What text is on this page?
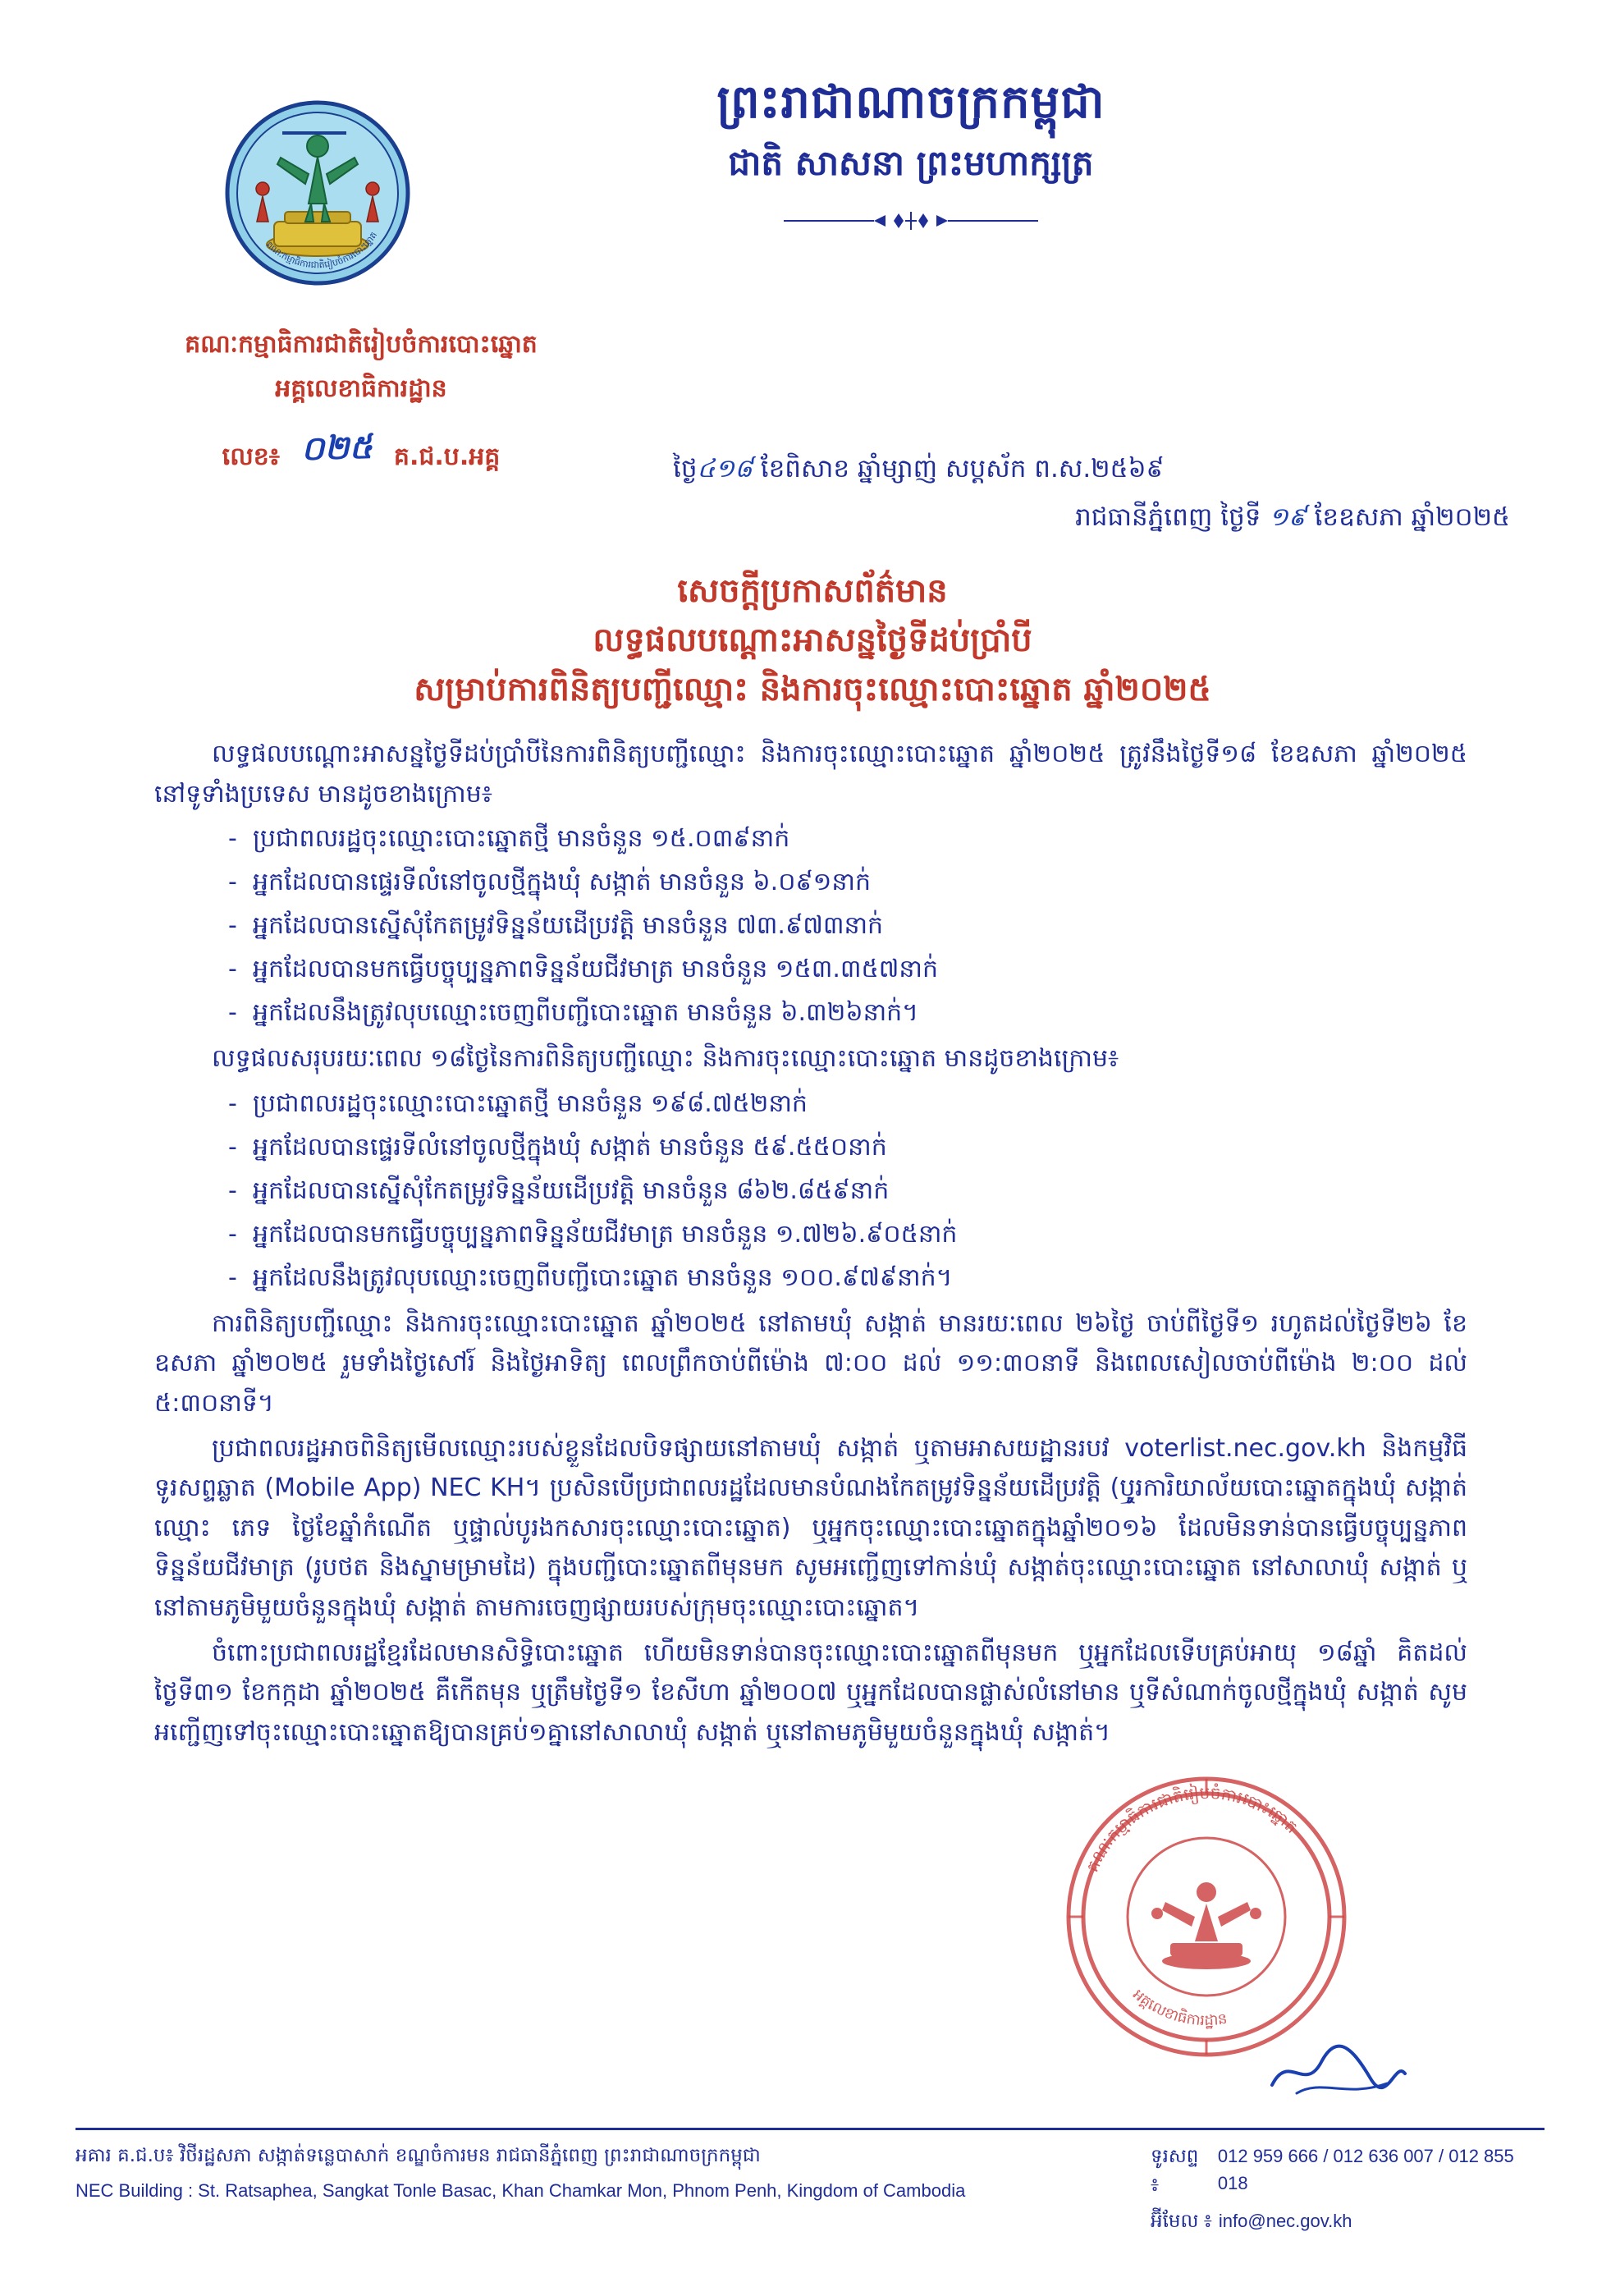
គណៈកម្មាធិការជាតិរៀបចំការបោះឆ្នោត
ព្រះរាជាណាចក្រកម្ពុជា
ជាតិ សាសនា ព្រះមហាក្សត្រ
គណៈកម្មាធិការជាតិរៀបចំការបោះឆ្នោត
អគ្គលេខាធិការដ្ឋាន
លេខ៖ ០២៥ គ.ជ.ប.អគ្គ	ថ្ងៃ៤១៨ ខែពិសាខ ឆ្នាំម្សាញ់ សប្តស័ក ព.ស.២៥៦៩
រាជធានីភ្នំពេញ ថ្ងៃទី ១៩ ខែឧសភា ឆ្នាំ២០២៥
សេចក្តីប្រកាសព័ត៌មាន
លទ្ធផលបណ្ដោះអាសន្នថ្ងៃទីដប់ប្រាំបី
សម្រាប់ការពិនិត្យបញ្ជីឈ្មោះ និងការចុះឈ្មោះបោះឆ្នោត ឆ្នាំ២០២៥

លទ្ធផលបណ្ដោះអាសន្នថ្ងៃទីដប់ប្រាំបីនៃការពិនិត្យបញ្ជីឈ្មោះ និងការចុះឈ្មោះបោះឆ្នោត ឆ្នាំ២០២៥ ត្រូវនឹងថ្ងៃទី១៨ ខែឧសភា ឆ្នាំ២០២៥ នៅទូទាំងប្រទេស មានដូចខាងក្រោម៖

- ប្រជាពលរដ្ឋចុះឈ្មោះបោះឆ្នោតថ្មី មានចំនួន ១៥.០៣៩នាក់
- អ្នកដែលបានផ្ទេរទីលំនៅចូលថ្មីក្នុងឃុំ សង្កាត់ មានចំនួន ៦.០៩១នាក់
- អ្នកដែលបានស្នើសុំកែតម្រូវទិន្នន័យដើប្រវត្តិ មានចំនួន ៧៣.៩៧៣នាក់
- អ្នកដែលបានមកធ្វើបច្ចុប្បន្នភាពទិន្នន័យជីវមាត្រ មានចំនួន ១៥៣.៣៥៧នាក់
- អ្នកដែលនឹងត្រូវលុបឈ្មោះចេញពីបញ្ជីបោះឆ្នោត មានចំនួន ៦.៣២៦នាក់។

លទ្ធផលសរុបរយៈពេល ១៨ថ្ងៃនៃការពិនិត្យបញ្ជីឈ្មោះ និងការចុះឈ្មោះបោះឆ្នោត មានដូចខាងក្រោម៖

- ប្រជាពលរដ្ឋចុះឈ្មោះបោះឆ្នោតថ្មី មានចំនួន ១៩៨.៧៥២នាក់
- អ្នកដែលបានផ្ទេរទីលំនៅចូលថ្មីក្នុងឃុំ សង្កាត់ មានចំនួន ៥៩.៥៥០នាក់
- អ្នកដែលបានស្នើសុំកែតម្រូវទិន្នន័យដើប្រវត្តិ មានចំនួន ៨៦២.៨៥៩នាក់
- អ្នកដែលបានមកធ្វើបច្ចុប្បន្នភាពទិន្នន័យជីវមាត្រ មានចំនួន ១.៧២៦.៩០៥នាក់
- អ្នកដែលនឹងត្រូវលុបឈ្មោះចេញពីបញ្ជីបោះឆ្នោត មានចំនួន ១០០.៩៧៩នាក់។

ការពិនិត្យបញ្ជីឈ្មោះ និងការចុះឈ្មោះបោះឆ្នោត ឆ្នាំ២០២៥ នៅតាមឃុំ សង្កាត់ មានរយៈពេល ២៦ថ្ងៃ ចាប់ពីថ្ងៃទី១ រហូតដល់ថ្ងៃទី២៦ ខែឧសភា ឆ្នាំ២០២៥ រួមទាំងថ្ងៃសៅរ៍ និងថ្ងៃអាទិត្យ ពេលព្រឹកចាប់ពីម៉ោង ៧:០០ ដល់ ១១:៣០នាទី និងពេលសៀលចាប់ពីម៉ោង ២:០០ ដល់ ៥:៣០នាទី។

ប្រជាពលរដ្ឋអាចពិនិត្យមើលឈ្មោះរបស់ខ្លួនដែលបិទផ្សាយនៅតាមឃុំ សង្កាត់ ឬតាមអាសយដ្ឋានរបវ voterlist.nec.gov.kh និងកម្មវិធីទូរសព្ទឆ្លាត (Mobile App) NEC KH។ ប្រសិនបើប្រជាពលរដ្ឋដែលមានបំណងកែតម្រូវទិន្នន័យដើប្រវត្តិ (ឬូរការិយាល័យបោះឆ្នោតក្នុងឃុំ សង្កាត់ ឈ្មោះ ភេទ ថ្ងៃខែឆ្នាំកំណើត ឬផ្ទាល់បូរងកសារចុះឈ្មោះបោះឆ្នោត) ឬអ្នកចុះឈ្មោះបោះឆ្នោតក្នុងឆ្នាំ២០១៦ ដែលមិនទាន់បានធ្វើបច្ចុប្បន្នភាពទិន្នន័យជីវមាត្រ (រូបថត និងស្នាមម្រាមដៃ) ក្នុងបញ្ជីបោះឆ្នោតពីមុនមក សូមអញ្ជើញទៅកាន់ឃុំ សង្កាត់ចុះឈ្មោះបោះឆ្នោត នៅសាលាឃុំ សង្កាត់ ឬនៅតាមភូមិមួយចំនួនក្នុងឃុំ សង្កាត់ តាមការចេញផ្សាយរបស់ក្រុមចុះឈ្មោះបោះឆ្នោត។

ចំពោះប្រជាពលរដ្ឋខ្មែរដែលមានសិទ្ធិបោះឆ្នោត ហើយមិនទាន់បានចុះឈ្មោះបោះឆ្នោតពីមុនមក ឬអ្នកដែលទើបគ្រប់អាយុ ១៨ឆ្នាំ គិតដល់ថ្ងៃទី៣១ ខែកក្កដា ឆ្នាំ២០២៥ គឺកើតមុន ឬត្រឹមថ្ងៃទី១ ខែសីហា ឆ្នាំ២០០៧ ឬអ្នកដែលបានផ្លាស់លំនៅមាន ឬទីសំណាក់ចូលថ្មីក្នុងឃុំ សង្កាត់ សូមអញ្ជើញទៅចុះឈ្មោះបោះឆ្នោតឱ្យបានគ្រប់១គ្នានៅសាលាឃុំ សង្កាត់ ឬនៅតាមភូមិមួយចំនួនក្នុងឃុំ សង្កាត់។

គណៈកម្មាធិការជាតិរៀបចំការបោះឆ្នោត
អគ្គលេខាធិការដ្ឋាន
អគារ គ.ជ.ប៖ វិថីរដ្ឋសភា សង្កាត់ទន្លេបាសាក់ ខណ្ឌចំការមន រាជធានីភ្នំពេញ ព្រះរាជាណាចក្រកម្ពុជា
NEC Building : St. Ratsaphea, Sangkat Tonle Basac, Khan Chamkar Mon, Phnom Penh, Kingdom of Cambodia
ទូរសព្ទ ៖
012 959 666 / 012 636 007 / 012 855 018
អ៊ីមែល ៖ info@nec.gov.kh
